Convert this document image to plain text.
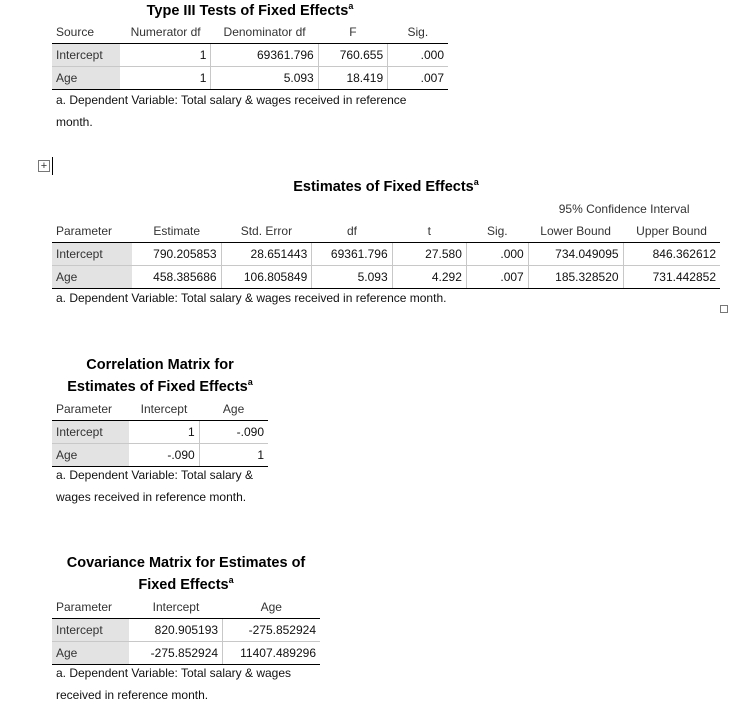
Type III Tests of Fixed Effects$^a$
Source	Numerator df	Denominator df	F	Sig.
Intercept	1	69361.796	760.655	.000
Age	1	5.093	18.419	.007
a. Dependent Variable: Total salary & wages received in reference
month.
+
Estimates of Fixed Effects$^a$
						95% Confidence Interval	
Parameter	Estimate	Std. Error	df	t	Sig.	Lower Bound	Upper Bound
Intercept	790.205853	28.651443	69361.796	27.580	.000	734.049095	846.362612
Age	458.385686	106.805849	5.093	4.292	.007	185.328520	731.442852
a. Dependent Variable: Total salary & wages received in reference month.
Correlation Matrix for
Estimates of Fixed Effects$^a$
Parameter	Intercept	Age
Intercept	1	-.090
Age	-.090	1
a. Dependent Variable: Total salary &
wages received in reference month.
Covariance Matrix for Estimates of
Fixed Effects$^a$
Parameter	Intercept	Age
Intercept	820.905193	-275.852924
Age	-275.852924	11407.489296
a. Dependent Variable: Total salary & wages
received in reference month.
